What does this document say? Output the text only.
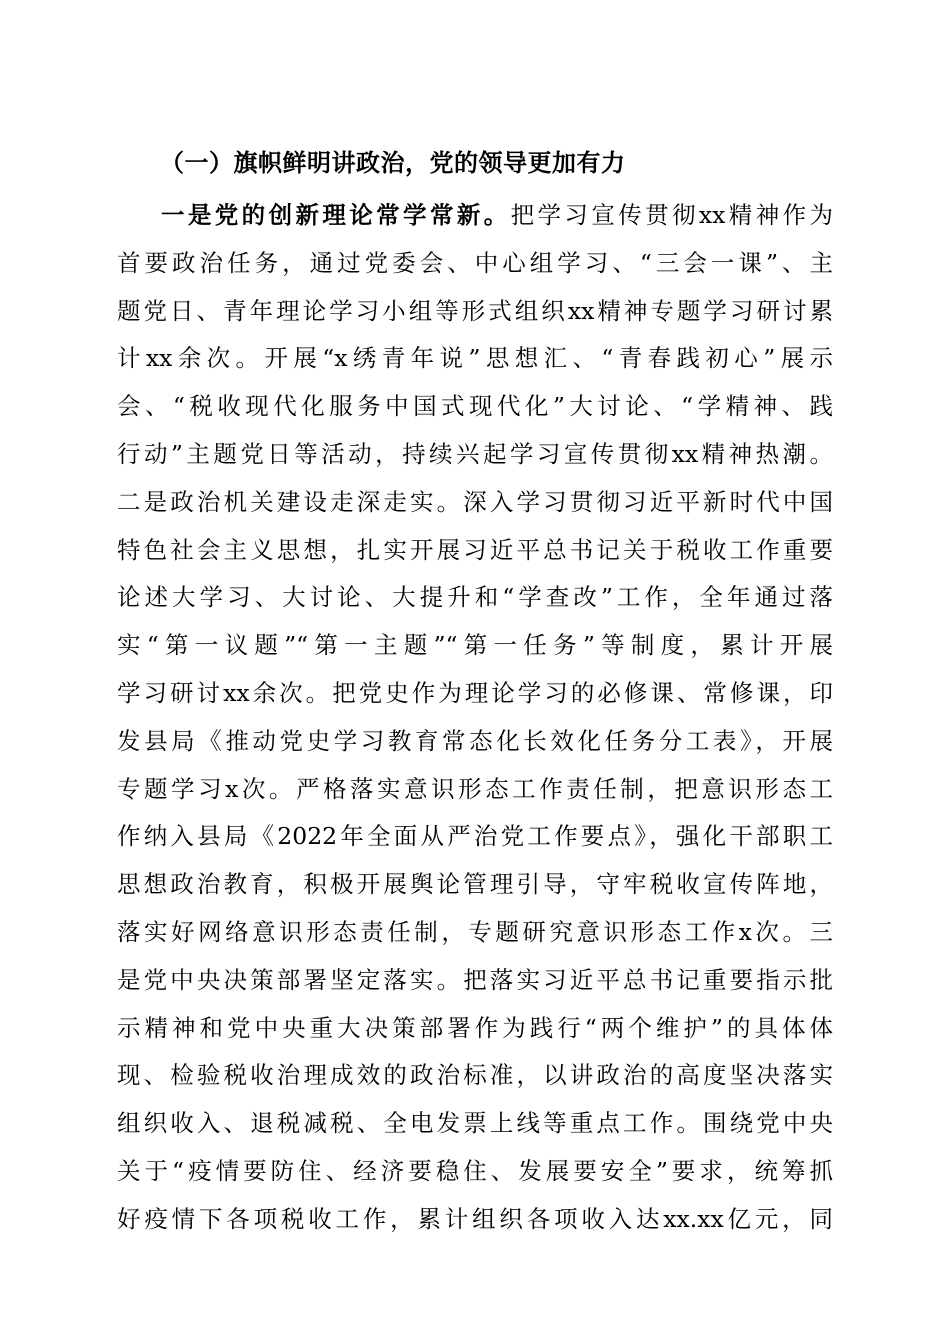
（一）旗帜鲜明讲政治，党的领导更加有力
一是党的创新理论常学常新。把学习宣传贯彻xx精神作为
首要政治任务，通过党委会、中心组学习、“三会一课”、主
题党日、青年理论学习小组等形式组织xx精神专题学习研讨累
计xx余次。开展“x绣青年说”思想汇、“青春践初心”展示
会、“税收现代化服务中国式现代化”大讨论、“学精神、践
行动”主题党日等活动，持续兴起学习宣传贯彻xx精神热潮。
二是政治机关建设走深走实。深入学习贯彻习近平新时代中国
特色社会主义思想，扎实开展习近平总书记关于税收工作重要
论述大学习、大讨论、大提升和“学查改”工作，全年通过落
实“第一议题”“第一主题”“第一任务”等制度，累计开展
学习研讨xx余次。把党史作为理论学习的必修课、常修课，印
发县局《推动党史学习教育常态化长效化任务分工表》，开展
专题学习x次。严格落实意识形态工作责任制，把意识形态工
作纳入县局《2022年全面从严治党工作要点》，强化干部职工
思想政治教育，积极开展舆论管理引导，守牢税收宣传阵地，
落实好网络意识形态责任制，专题研究意识形态工作x次。三
是党中央决策部署坚定落实。把落实习近平总书记重要指示批
示精神和党中央重大决策部署作为践行“两个维护”的具体体
现、检验税收治理成效的政治标准，以讲政治的高度坚决落实
组织收入、退税减税、全电发票上线等重点工作。围绕党中央
关于“疫情要防住、经济要稳住、发展要安全”要求，统筹抓
好疫情下各项税收工作，累计组织各项收入达xx.xx亿元，同
